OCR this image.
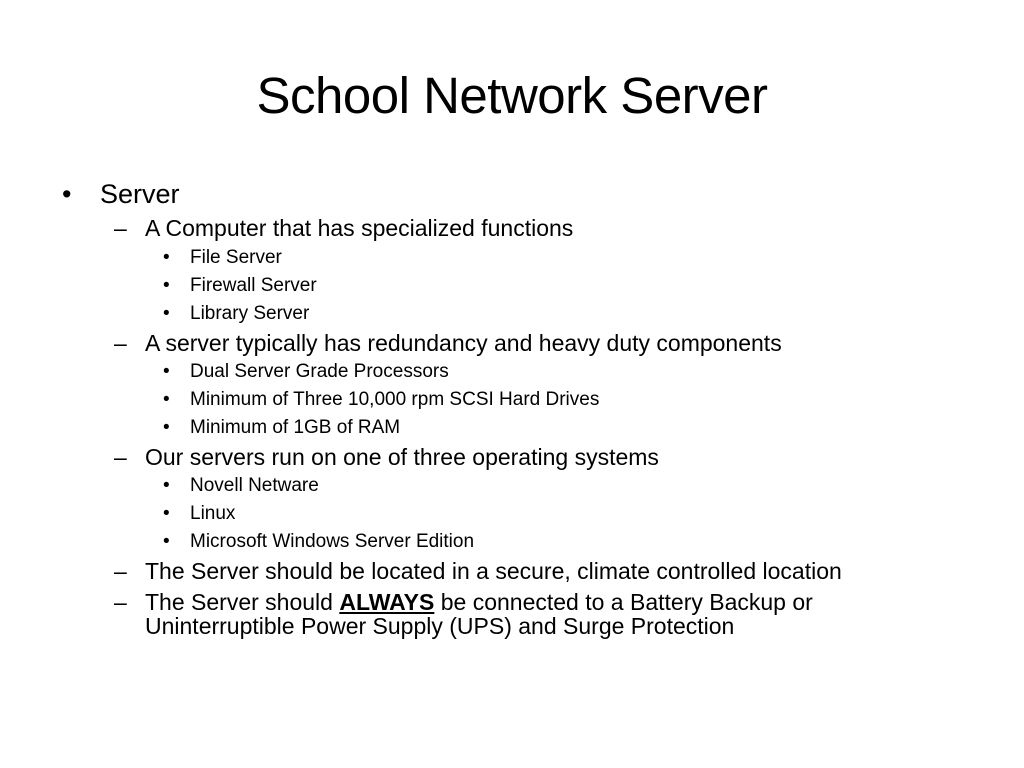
School Network Server
• Server
– A Computer that has specialized functions
• File Server
• Firewall Server
• Library Server
– A server typically has redundancy and heavy duty components
• Dual Server Grade Processors
• Minimum of Three 10,000 rpm SCSI Hard Drives
• Minimum of 1GB of RAM
– Our servers run on one of three operating systems
• Novell Netware
• Linux
• Microsoft Windows Server Edition
– The Server should be located in a secure, climate controlled location
– The Server should ALWAYS be connected to a Battery Backup or
Uninterruptible Power Supply (UPS) and Surge Protection
